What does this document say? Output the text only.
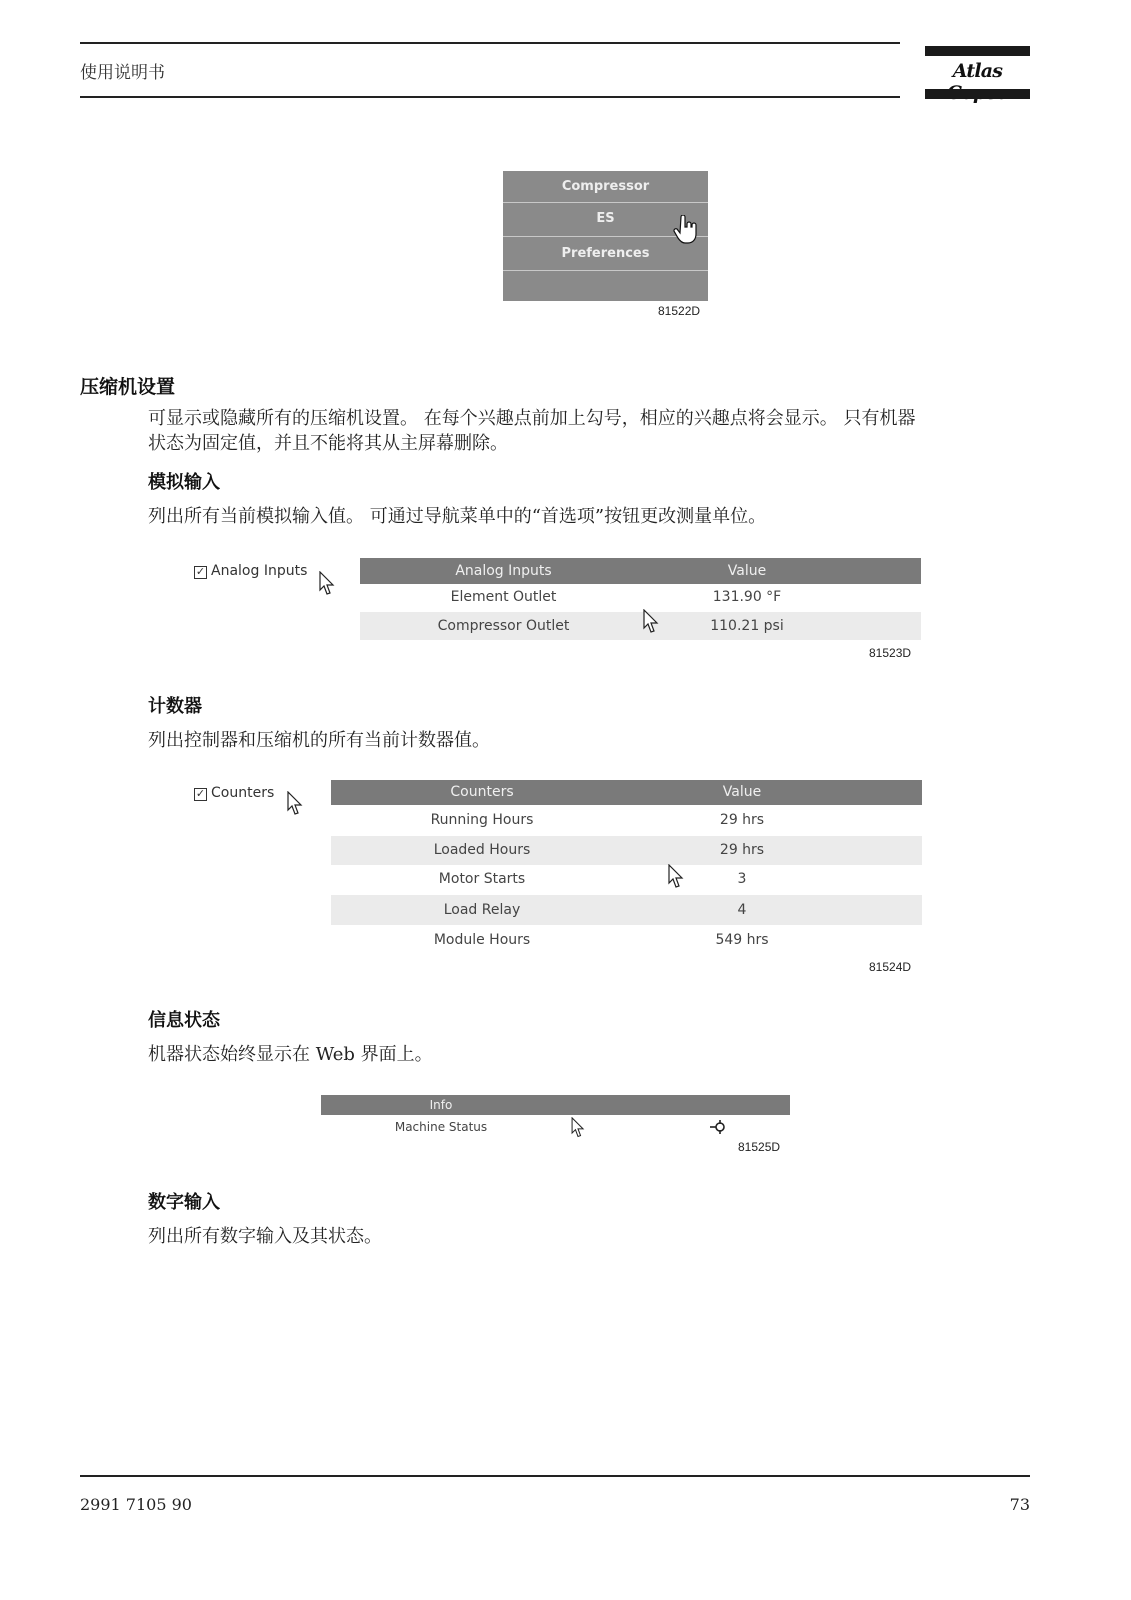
使用说明书	Atlas
Compressor
ES
Preferences
81522D
压缩机设置
可显示或隐藏所有的压缩机设置。 在每个兴趣点前加上勾号，相应的兴趣点将会显示。 只有机器
状态为固定值，并且不能将其从主屏幕删除。
模拟输入
列出所有当前模拟输入值。 可通过导航菜单中的“首选项”按钮更改测量单位。
✓ Analog Inputs	Analog Inputs	Value
Element Outlet	131.90 °F
Compressor Outlet	110.21 psi
81523D
计数器
列出控制器和压缩机的所有当前计数器值。
✓ Counters	Counters	Value
Running Hours	29 hrs
Loaded Hours	29 hrs
Motor Starts	3
Load Relay	4
Module Hours	549 hrs
81524D
信息状态
机器状态始终显示在 Web 界面上。
Info
Machine Status
81525D
数字输入
列出所有数字输入及其状态。
2991 7105 90	73
